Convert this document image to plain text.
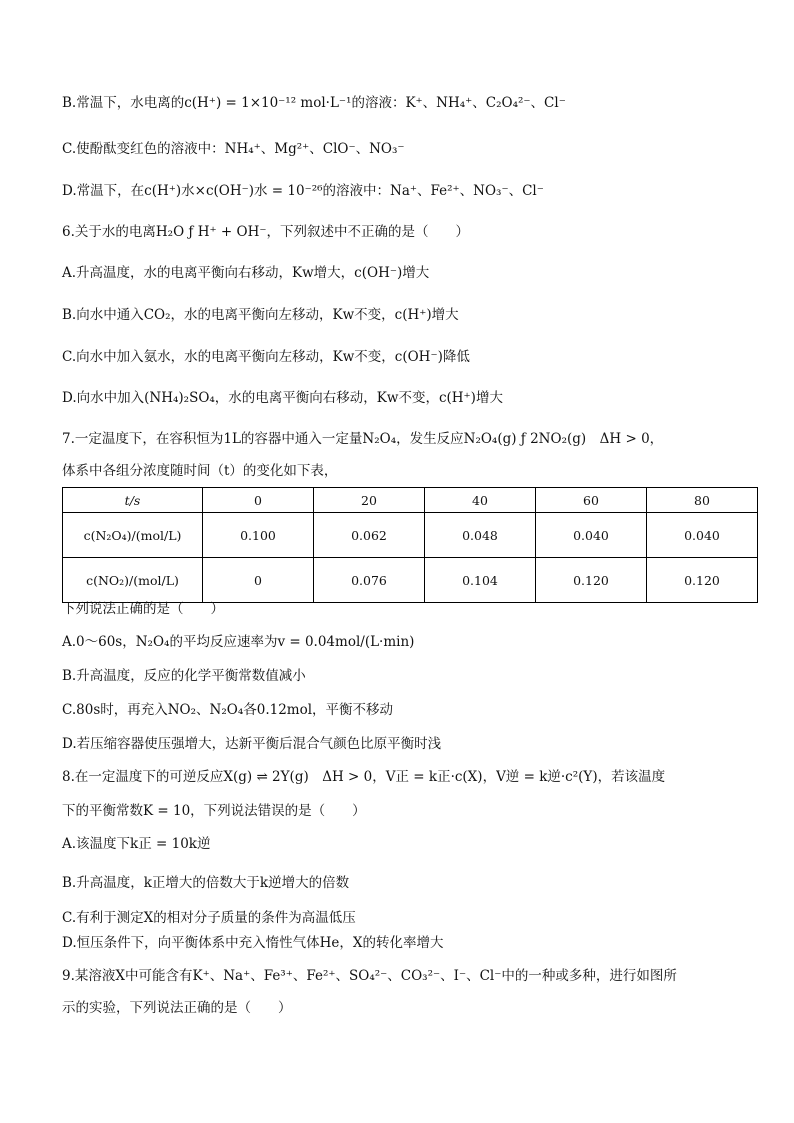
B.常温下，水电离的c(H⁺) = 1×10⁻¹² mol·L⁻¹的溶液：K⁺、NH₄⁺、C₂O₄²⁻、Cl⁻
C.使酚酞变红色的溶液中：NH₄⁺、Mg²⁺、ClO⁻、NO₃⁻
D.常温下，在c(H⁺)水×c(OH⁻)水 = 10⁻²⁶的溶液中：Na⁺、Fe²⁺、NO₃⁻、Cl⁻
6.关于水的电离H₂O ƒ H⁺ + OH⁻，下列叙述中不正确的是（　　）
A.升高温度，水的电离平衡向右移动，Kw增大，c(OH⁻)增大
B.向水中通入CO₂，水的电离平衡向左移动，Kw不变，c(H⁺)增大
C.向水中加入氨水，水的电离平衡向左移动，Kw不变，c(OH⁻)降低
D.向水中加入(NH₄)₂SO₄，水的电离平衡向右移动，Kw不变，c(H⁺)增大
7.一定温度下，在容积恒为1L的容器中通入一定量N₂O₄，发生反应N₂O₄(g) ƒ 2NO₂(g)　ΔH > 0，
体系中各组分浓度随时间（t）的变化如下表，
t/s	0	20	40	60	80
c(N₂O₄)/(mol/L)	0.100	0.062	0.048	0.040	0.040
c(NO₂)/(mol/L)	0	0.076	0.104	0.120	0.120
下列说法正确的是（　　）
A.0～60s，N₂O₄的平均反应速率为v = 0.04mol/(L·min)
B.升高温度，反应的化学平衡常数值减小
C.80s时，再充入NO₂、N₂O₄各0.12mol，平衡不移动
D.若压缩容器使压强增大，达新平衡后混合气颜色比原平衡时浅
8.在一定温度下的可逆反应X(g) ⇌ 2Y(g)　ΔH > 0，V正 = k正·c(X)，V逆 = k逆·c²(Y)，若该温度
下的平衡常数K = 10，下列说法错误的是（　　）
A.该温度下k正 = 10k逆
B.升高温度，k正增大的倍数大于k逆增大的倍数
C.有利于测定X的相对分子质量的条件为高温低压
D.恒压条件下，向平衡体系中充入惰性气体He，X的转化率增大
9.某溶液X中可能含有K⁺、Na⁺、Fe³⁺、Fe²⁺、SO₄²⁻、CO₃²⁻、I⁻、Cl⁻中的一种或多种，进行如图所
示的实验，下列说法正确的是（　　）
